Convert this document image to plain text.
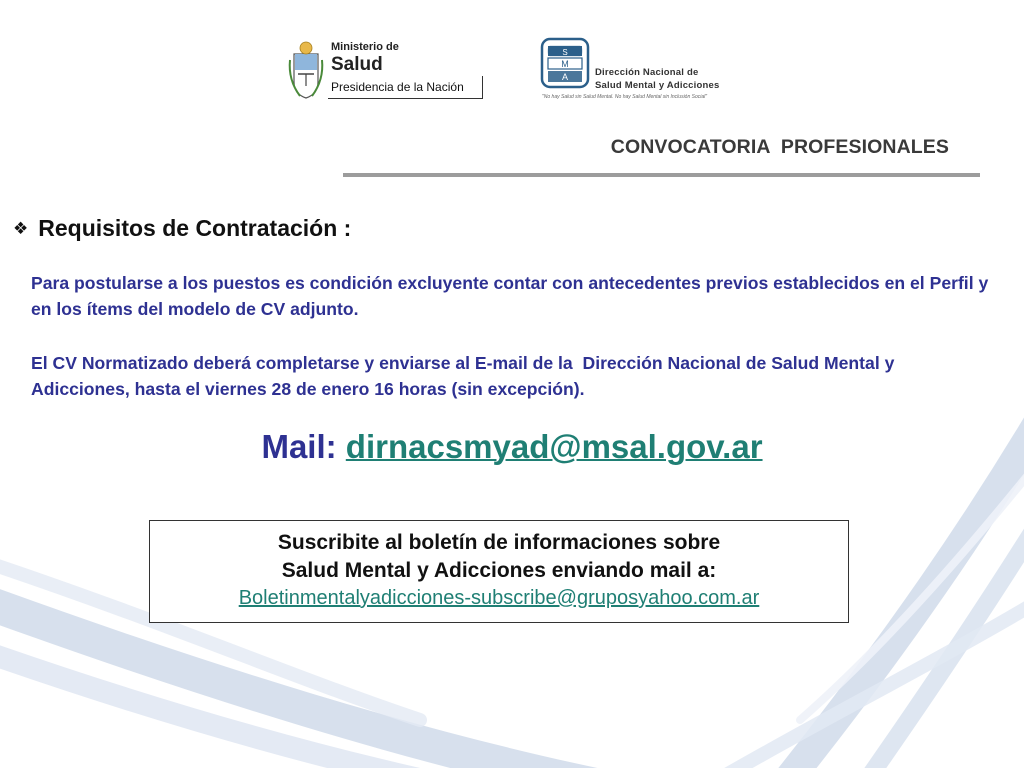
Ministerio de
Salud
Presidencia de la Nación
S
M
A	Dirección Nacional de
Salud Mental y Adicciones
"No hay Salud sin Salud Mental. No hay Salud Mental sin Inclusión Social"
CONVOCATORIA  PROFESIONALES
❖ Requisitos de Contratación :
Para postularse a los puestos es condición excluyente contar con antecedentes previos establecidos en el Perfil y en los ítems del modelo de CV adjunto.
El CV Normatizado deberá completarse y enviarse al E-mail de la  Dirección Nacional de Salud Mental y Adicciones, hasta el viernes 28 de enero 16 horas (sin excepción).
Mail: dirnacsmyad@msal.gov.ar
Suscribite al boletín de informaciones sobre
Salud Mental y Adicciones enviando mail a:
Boletinmentalyadicciones-subscribe@gruposyahoo.com.ar
